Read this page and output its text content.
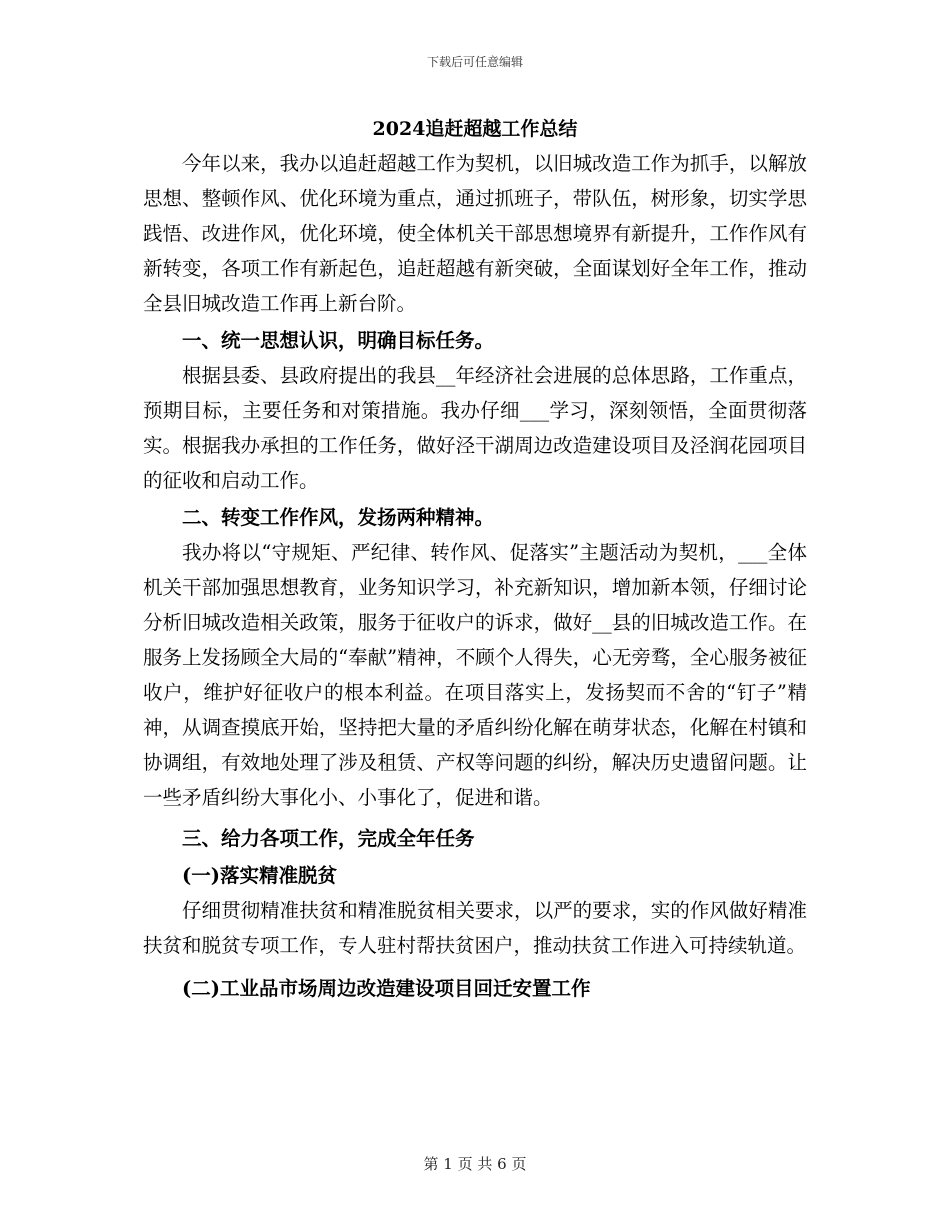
下载后可任意编辑
2024追赶超越工作总结

今年以来，我办以追赶超越工作为契机，以旧城改造工作为抓手，以解放思想、整顿作风、优化环境为重点，通过抓班子，带队伍，树形象，切实学思践悟、改进作风，优化环境，使全体机关干部思想境界有新提升，工作作风有新转变，各项工作有新起色，追赶超越有新突破，全面谋划好全年工作，推动全县旧城改造工作再上新台阶。

一、统一思想认识，明确目标任务。

根据县委、县政府提出的我县__年经济社会进展的总体思路，工作重点，预期目标，主要任务和对策措施。我办仔细___学习，深刻领悟，全面贯彻落实。根据我办承担的工作任务，做好泾干湖周边改造建设项目及泾润花园项目的征收和启动工作。

二、转变工作作风，发扬两种精神。

我办将以“守规矩、严纪律、转作风、促落实”主题活动为契机，___全体机关干部加强思想教育，业务知识学习，补充新知识，增加新本领，仔细讨论分析旧城改造相关政策，服务于征收户的诉求，做好__县的旧城改造工作。在服务上发扬顾全大局的“奉献”精神，不顾个人得失，心无旁骛，全心服务被征收户，维护好征收户的根本利益。在项目落实上，发扬契而不舍的“钉子”精神，从调查摸底开始，坚持把大量的矛盾纠纷化解在萌芽状态，化解在村镇和协调组，有效地处理了涉及租赁、产权等问题的纠纷，解决历史遗留问题。让一些矛盾纠纷大事化小、小事化了，促进和谐。

三、给力各项工作，完成全年任务

(一)落实精准脱贫

仔细贯彻精准扶贫和精准脱贫相关要求，以严的要求，实的作风做好精准扶贫和脱贫专项工作，专人驻村帮扶贫困户，推动扶贫工作进入可持续轨道。

(二)工业品市场周边改造建设项目回迁安置工作

第 1 页 共 6 页
